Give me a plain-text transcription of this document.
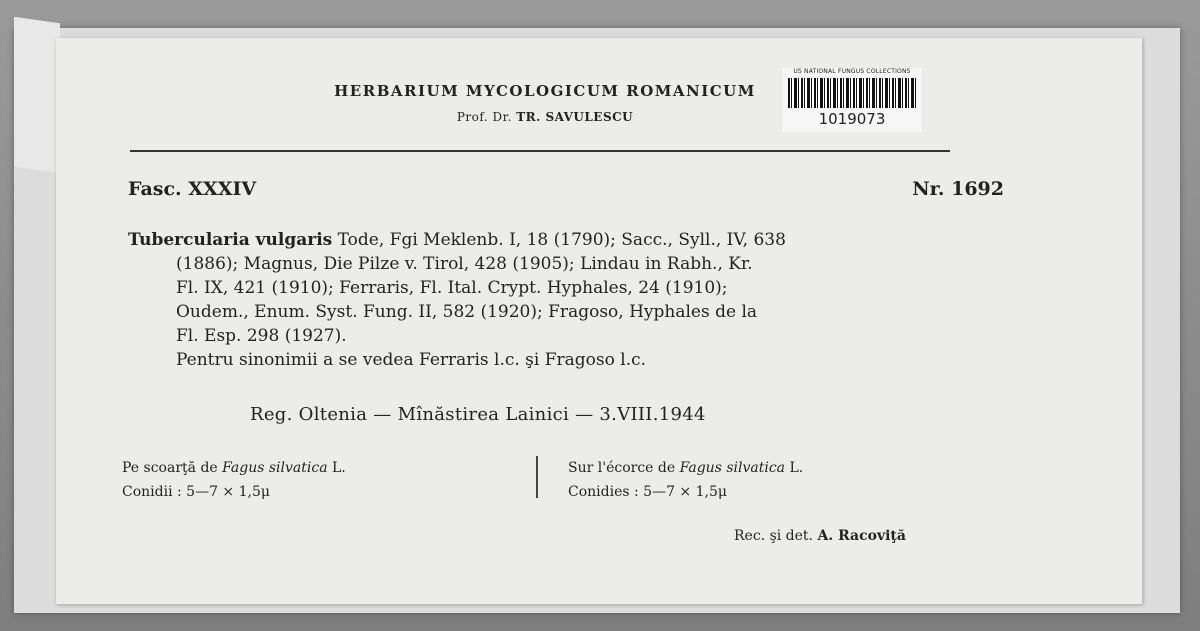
HERBARIUM MYCOLOGICUM ROMANICUM
Prof. Dr. TR. SAVULESCU
US NATIONAL FUNGUS COLLECTIONS
1019073
Fasc. XXXIV	Nr. 1692
Tubercularia vulgaris Tode, Fgi Meklenb. I, 18 (1790); Sacc., Syll., IV, 638
(1886); Magnus, Die Pilze v. Tirol, 428 (1905); Lindau in Rabh., Kr.
Fl. IX, 421 (1910); Ferraris, Fl. Ital. Crypt. Hyphales, 24 (1910);
Oudem., Enum. Syst. Fung. II, 582 (1920); Fragoso, Hyphales de la
Fl. Esp. 298 (1927).
Pentru sinonimii a se vedea Ferraris l.c. şi Fragoso l.c.
Reg. Oltenia — Mînăstirea Lainici — 3.VIII.1944
Pe scoarţă de Fagus silvatica L.
Conidii : 5—7 × 1,5μ
Sur l'écorce de Fagus silvatica L.
Conidies : 5—7 × 1,5μ
Rec. şi det. A. Racoviţă
